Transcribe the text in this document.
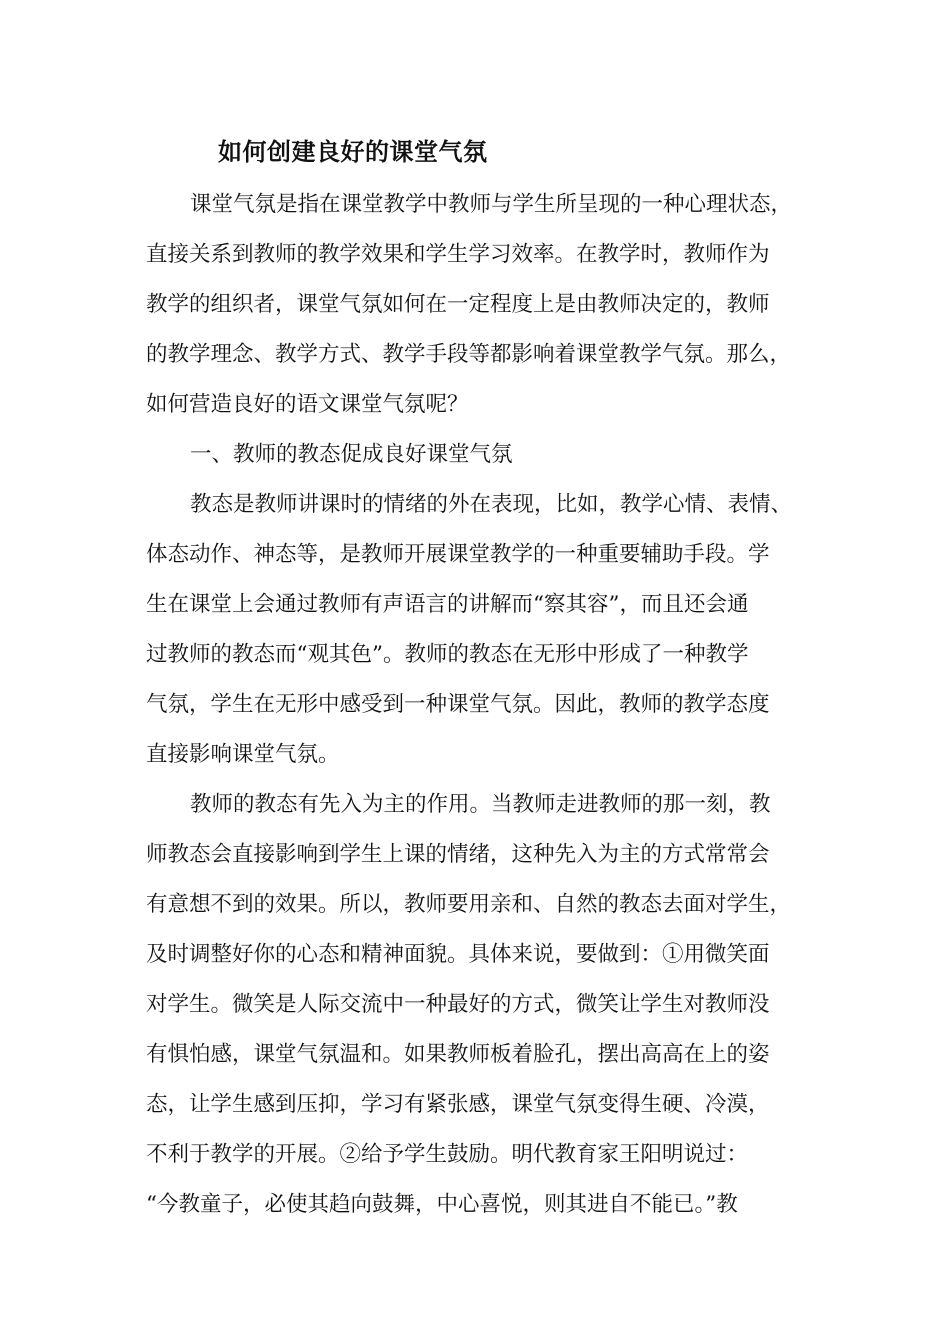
如何创建良好的课堂气氛
课堂气氛是指在课堂教学中教师与学生所呈现的一种心理状态，
直接关系到教师的教学效果和学生学习效率。在教学时，教师作为
教学的组织者，课堂气氛如何在一定程度上是由教师决定的，教师
的教学理念、教学方式、教学手段等都影响着课堂教学气氛。那么，
如何营造良好的语文课堂气氛呢？
一、教师的教态促成良好课堂气氛
教态是教师讲课时的情绪的外在表现，比如，教学心情、表情、
体态动作、神态等，是教师开展课堂教学的一种重要辅助手段。学
生在课堂上会通过教师有声语言的讲解而“察其容”，而且还会通
过教师的教态而“观其色”。教师的教态在无形中形成了一种教学
气氛，学生在无形中感受到一种课堂气氛。因此，教师的教学态度
直接影响课堂气氛。
教师的教态有先入为主的作用。当教师走进教师的那一刻，教
师教态会直接影响到学生上课的情绪，这种先入为主的方式常常会
有意想不到的效果。所以，教师要用亲和、自然的教态去面对学生，
及时调整好你的心态和精神面貌。具体来说，要做到：①用微笑面
对学生。微笑是人际交流中一种最好的方式，微笑让学生对教师没
有惧怕感，课堂气氛温和。如果教师板着脸孔，摆出高高在上的姿
态，让学生感到压抑，学习有紧张感，课堂气氛变得生硬、冷漠，
不利于教学的开展。②给予学生鼓励。明代教育家王阳明说过：
“今教童子，必使其趋向鼓舞，中心喜悦，则其进自不能已。”教
